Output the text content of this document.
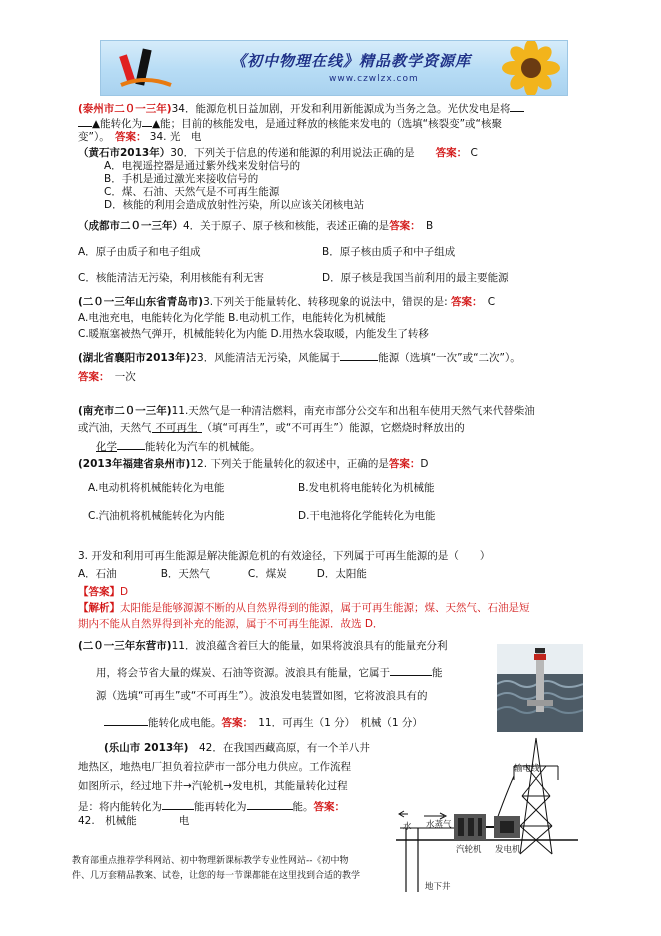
《初中物理在线》精品教学资源库
www.czwlzx.com
(泰州市二０一三年)34．能源危机日益加剧，开发和利用新能源成为当务之急。光伏发电是将
▲能转化为 ▲能；目前的核能发电，是通过释放的核能来发电的（选填“核裂变”或“核聚
变”）。　 答案： 34. 光　电
（黄石市2013年）30．下列关于信息的传递和能源的利用说法正确的是　　 答案： C
A．电视遥控器是通过紫外线来发射信号的
B．手机是通过激光来接收信号的
C．煤、石油、天然气是不可再生能源
D．核能的利用会造成放射性污染，所以应该关闭核电站
（成都市二０一三年）4．关于原子、原子核和核能，表述正确的是答案：　 B
A．原子由质子和电子组成	B．原子核由质子和中子组成
C．核能清洁无污染，利用核能有利无害	D．原子核是我国当前利用的最主要能源
(二０一三年山东省青岛市)3.下列关于能量转化、转移现象的说法中，错误的是: 答案：　 C
A.电池充电，电能转化为化学能 B.电动机工作，电能转化为机械能
C.暖瓶塞被热气弹开，机械能转化为内能 D.用热水袋取暖，内能发生了转移
(湖北省襄阳市2013年)23．风能清洁无污染，风能属于	能源（选填“一次”或“二次”）。
答案：　 一次
(南充市二０一三年)11.天然气是一种清洁燃料，南充市部分公交车和出租车使用天然气来代替柴油
或汽油，天然气 不可再生 （填“可再生”，或“不可再生”）能源，它燃烧时释放出的
化学	能转化为汽车的机械能。
(2013年福建省泉州市)12. 下列关于能量转化的叙述中，正确的是答案：D
A.电动机将机械能转化为电能	B.发电机将电能转化为机械能
C.汽油机将机械能转化为内能	D.干电池将化学能转化为电能
3. 开发和利用可再生能源是解决能源危机的有效途径，下列属于可再生能源的是（　　）
A．石油	B．天然气	C．煤炭	D．太阳能
【答案】D
【解析】太阳能是能够源源不断的从自然界得到的能源，属于可再生能源；煤、天然气、石油是短
期内不能从自然界得到补充的能源，属于不可再生能源．故选 D．
(二０一三年东营市)11．波浪蕴含着巨大的能量，如果将波浪具有的能量充分利
用，将会节省大量的煤炭、石油等资源。波浪具有能量，它属于	能
源（选填“可再生”或“不可再生”）。波浪发电装置如图，它将波浪具有的
能转化成电能。答案：　 11．可再生（1 分）　机械（1 分）
(乐山市 2013年)　 42．在我国西藏高原，有一个羊八井
地热区，地热电厂担负着拉萨市一部分电力供应。工作流程
如图所示，经过地下井→汽轮机→发电机，其能量转化过程
是：将内能转化为	能再转化为	能。答案：
42.　机械能　　　　电	水 水蒸气
汽轮机 发电机
地下井
输电线
教育部重点推荐学科网站、初中物理新课标教学专业性网站--《初中物
件、几万套精品教案、试卷，让您的每一节课都能在这里找到合适的教学
